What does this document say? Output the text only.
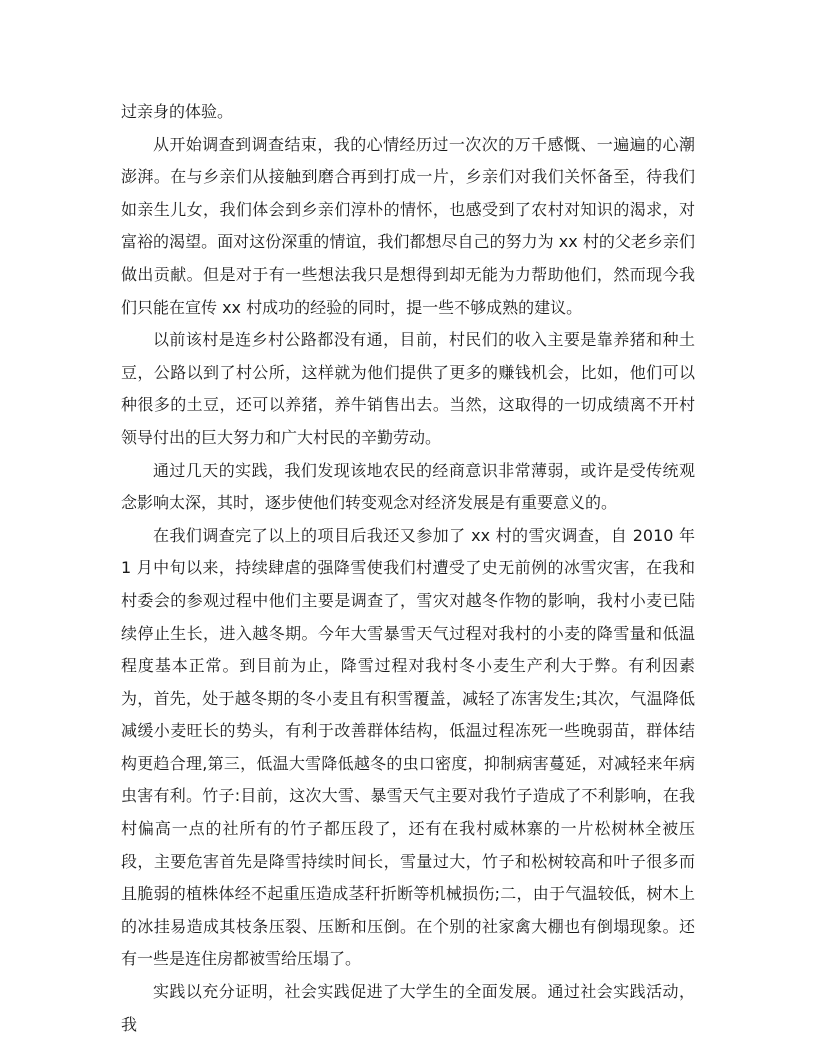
过亲身的体验。

从开始调查到调查结束，我的心情经历过一次次的万千感慨、一遍遍的心潮澎湃。在与乡亲们从接触到磨合再到打成一片，乡亲们对我们关怀备至，待我们如亲生儿女，我们体会到乡亲们淳朴的情怀，也感受到了农村对知识的渴求，对富裕的渴望。面对这份深重的情谊，我们都想尽自己的努力为 xx 村的父老乡亲们做出贡献。但是对于有一些想法我只是想得到却无能为力帮助他们，然而现今我们只能在宣传 xx 村成功的经验的同时，提一些不够成熟的建议。

以前该村是连乡村公路都没有通，目前，村民们的收入主要是靠养猪和种土豆，公路以到了村公所，这样就为他们提供了更多的赚钱机会，比如，他们可以种很多的土豆，还可以养猪，养牛销售出去。当然，这取得的一切成绩离不开村领导付出的巨大努力和广大村民的辛勤劳动。

通过几天的实践，我们发现该地农民的经商意识非常薄弱，或许是受传统观念影响太深，其时，逐步使他们转变观念对经济发展是有重要意义的。

在我们调查完了以上的项目后我还又参加了 xx 村的雪灾调查，自 2010 年 1 月中旬以来，持续肆虐的强降雪使我们村遭受了史无前例的冰雪灾害，在我和村委会的参观过程中他们主要是调查了，雪灾对越冬作物的影响，我村小麦已陆续停止生长，进入越冬期。今年大雪暴雪天气过程对我村的小麦的降雪量和低温程度基本正常。到目前为止，降雪过程对我村冬小麦生产利大于弊。有利因素为，首先，处于越冬期的冬小麦且有积雪覆盖，减轻了冻害发生;其次，气温降低减缓小麦旺长的势头，有利于改善群体结构，低温过程冻死一些晚弱苗，群体结构更趋合理,第三，低温大雪降低越冬的虫口密度，抑制病害蔓延，对减轻来年病虫害有利。竹子:目前，这次大雪、暴雪天气主要对我竹子造成了不利影响，在我村偏高一点的社所有的竹子都压段了，还有在我村威林寨的一片松树林全被压段，主要危害首先是降雪持续时间长，雪量过大，竹子和松树较高和叶子很多而且脆弱的植株体经不起重压造成茎秆折断等机械损伤;二，由于气温较低，树木上的冰挂易造成其枝条压裂、压断和压倒。在个别的社家禽大棚也有倒塌现象。还有一些是连住房都被雪给压塌了。

实践以充分证明，社会实践促进了大学生的全面发展。通过社会实践活动，我
